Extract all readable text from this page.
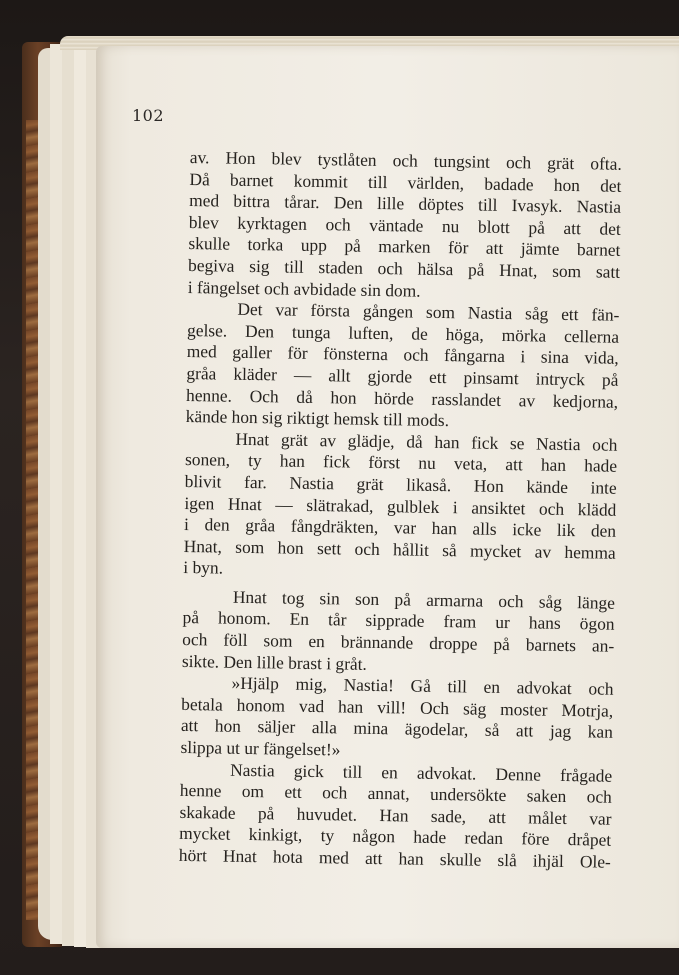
102
av. Hon blev tystlåten och tungsint och grät ofta.
Då barnet kommit till världen, badade hon det
med bittra tårar. Den lille döptes till Ivasyk. Nastia
blev kyrktagen och väntade nu blott på att det
skulle torka upp på marken för att jämte barnet
begiva sig till staden och hälsa på Hnat, som satt
i fängelset och avbidade sin dom.
Det var första gången som Nastia såg ett fän-
gelse. Den tunga luften, de höga, mörka cellerna
med galler för fönsterna och fångarna i sina vida,
gråa kläder — allt gjorde ett pinsamt intryck på
henne. Och då hon hörde rasslandet av kedjorna,
kände hon sig riktigt hemsk till mods.
Hnat grät av glädje, då han fick se Nastia och
sonen, ty han fick först nu veta, att han hade
blivit far. Nastia grät likaså. Hon kände inte
igen Hnat — slätrakad, gulblek i ansiktet och klädd
i den gråa fångdräkten, var han alls icke lik den
Hnat, som hon sett och hållit så mycket av hemma
i byn.
Hnat tog sin son på armarna och såg länge
på honom. En tår sipprade fram ur hans ögon
och föll som en brännande droppe på barnets an-
sikte. Den lille brast i gråt.
»Hjälp mig, Nastia! Gå till en advokat och
betala honom vad han vill! Och säg moster Motrja,
att hon säljer alla mina ägodelar, så att jag kan
slippa ut ur fängelset!»
Nastia gick till en advokat. Denne frågade
henne om ett och annat, undersökte saken och
skakade på huvudet. Han sade, att målet var
mycket kinkigt, ty någon hade redan före dråpet
hört Hnat hota med att han skulle slå ihjäl Ole-
